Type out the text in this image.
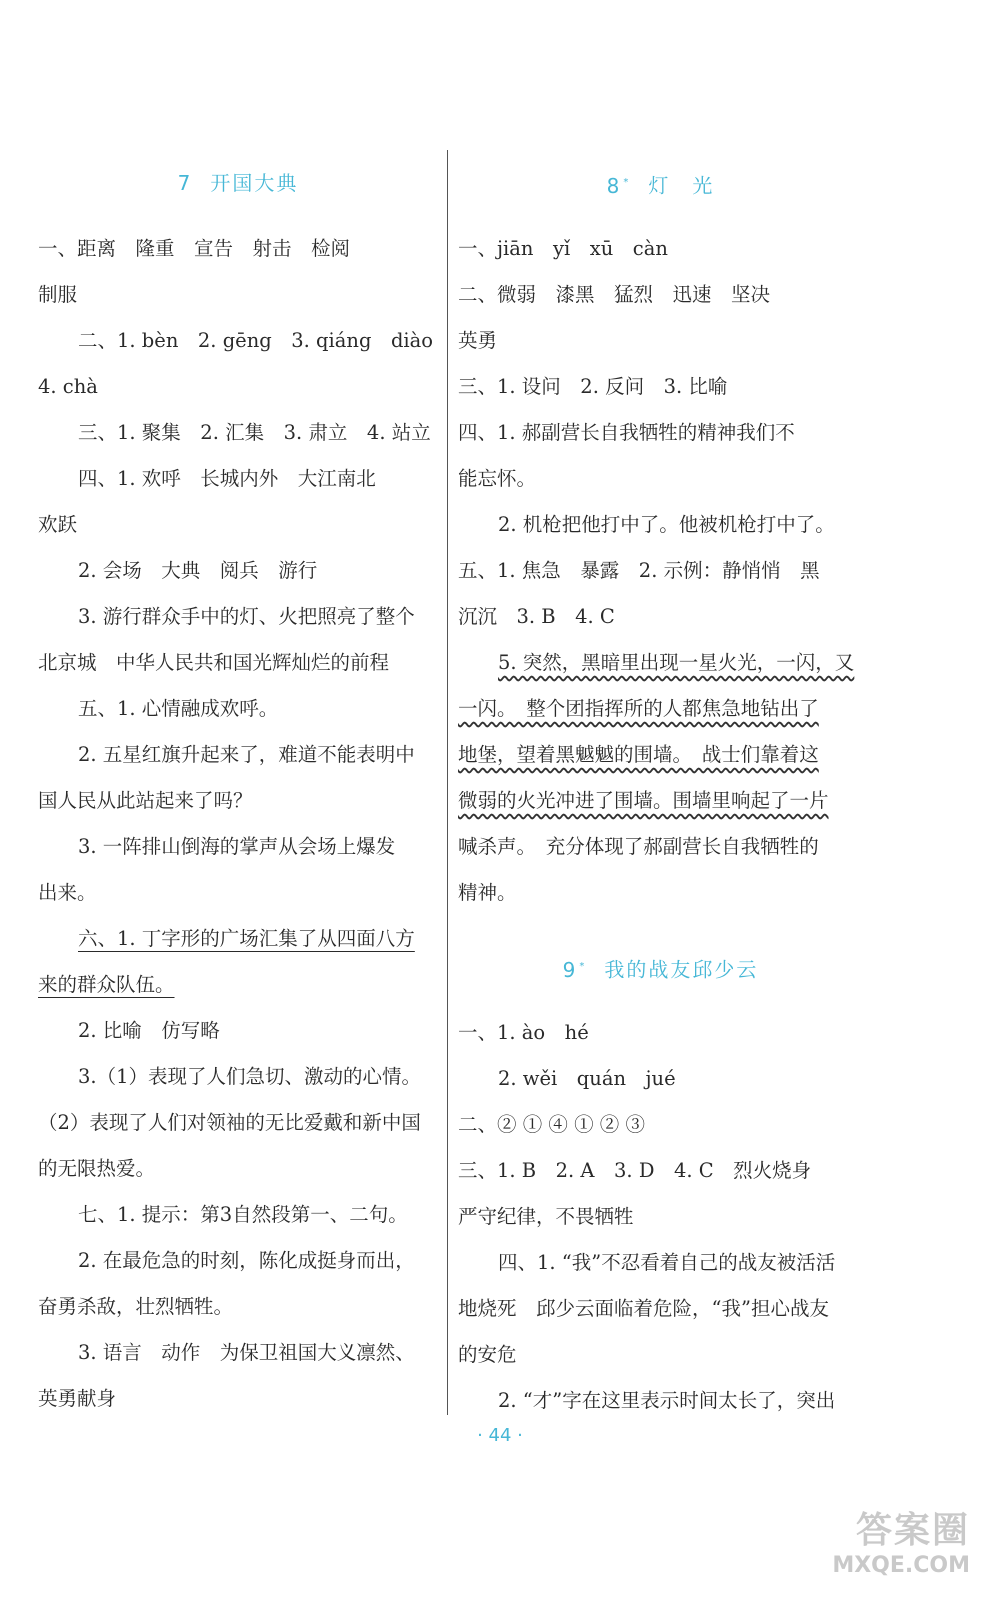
7 开国大典
一、距离　隆重　宣告　射击　检阅
制服
二、1. bèn　2. gēng　3. qiáng　diào
4. chà
三、1. 聚集　2. 汇集　3. 肃立　4. 站立
四、1. 欢呼　长城内外　大江南北
欢跃
2. 会场　大典　阅兵　游行
3. 游行群众手中的灯、火把照亮了整个
北京城　中华人民共和国光辉灿烂的前程
五、1. 心情融成欢呼。
2. 五星红旗升起来了，难道不能表明中
国人民从此站起来了吗？
3. 一阵排山倒海的掌声从会场上爆发
出来。
六、1. 丁字形的广场汇集了从四面八方
来的群众队伍。
2. 比喻　仿写略
3.（1）表现了人们急切、激动的心情。
（2）表现了人们对领袖的无比爱戴和新中国
的无限热爱。
七、1. 提示：第3自然段第一、二句。
2. 在最危急的时刻，陈化成挺身而出，
奋勇杀敌，壮烈牺牲。
3. 语言　动作　为保卫祖国大义凛然、
英勇献身
8 * 灯　光
一、jiān　yǐ　xū　càn
二、微弱　漆黑　猛烈　迅速　坚决
英勇
三、1. 设问　2. 反问　3. 比喻
四、1. 郝副营长自我牺牲的精神我们不
能忘怀。
2. 机枪把他打中了。他被机枪打中了。
五、1. 焦急　暴露　2. 示例：静悄悄　黑
沉沉　3. B　4. C
5. 突然，黑暗里出现一星火光，一闪，又
一闪。　整个团指挥所的人都焦急地钻出了
地堡，望着黑魆魆的围墙。　战士们靠着这
微弱的火光冲进了围墙。围墙里响起了一片
喊杀声。　充分体现了郝副营长自我牺牲的
精神。
9 * 我的战友邱少云
一、1. ào　hé
2. wěi　quán　jué
二、② ① ④ ① ② ③
三、1. B　2. A　3. D　4. C　烈火烧身
严守纪律，不畏牺牲
四、1. “我”不忍看着自己的战友被活活
地烧死　邱少云面临着危险，“我”担心战友
的安危
2. “才”字在这里表示时间太长了，突出
· 44 ·
答案圈
MXQE.COM
